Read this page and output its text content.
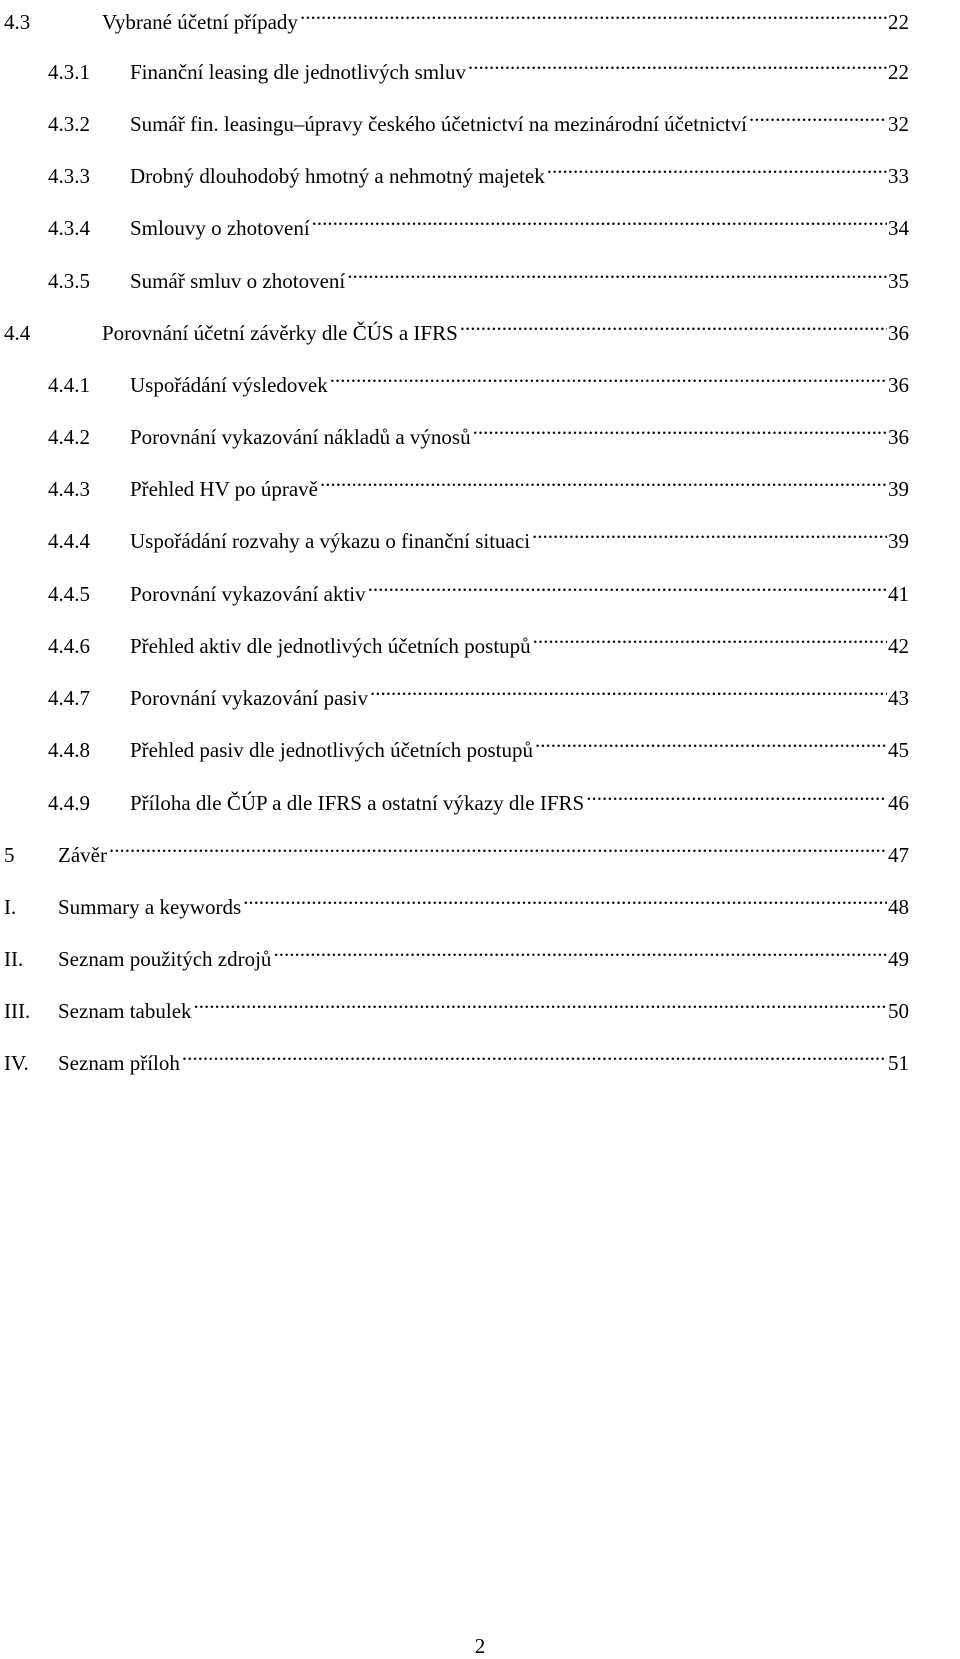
4.3	Vybrané účetní případy .....	22
4.3.1	Finanční leasing dle jednotlivých smluv .....	22
4.3.2	Sumář fin. leasingu–úpravy českého účetnictví na mezinárodní účetnictví .....	32
4.3.3	Drobný dlouhodobý hmotný a nehmotný majetek .....	33
4.3.4	Smlouvy o zhotovení .....	34
4.3.5	Sumář smluv o zhotovení .....	35
4.4	Porovnání účetní závěrky dle ČÚS a IFRS .....	36
4.4.1	Uspořádání výsledovek .....	36
4.4.2	Porovnání vykazování nákladů a výnosů .....	36
4.4.3	Přehled HV po úpravě .....	39
4.4.4	Uspořádání rozvahy a výkazu o finanční situaci .....	39
4.4.5	Porovnání vykazování aktiv .....	41
4.4.6	Přehled aktiv dle jednotlivých účetních postupů .....	42
4.4.7	Porovnání vykazování pasiv .....	43
4.4.8	Přehled pasiv dle jednotlivých účetních postupů .....	45
4.4.9	Příloha dle ČÚP a dle IFRS a ostatní výkazy dle IFRS .....	46
5	Závěr .....	47
I.	Summary a keywords .....	48
II.	Seznam použitých zdrojů .....	49
III.	Seznam tabulek .....	50
IV.	Seznam příloh .....	51
2
